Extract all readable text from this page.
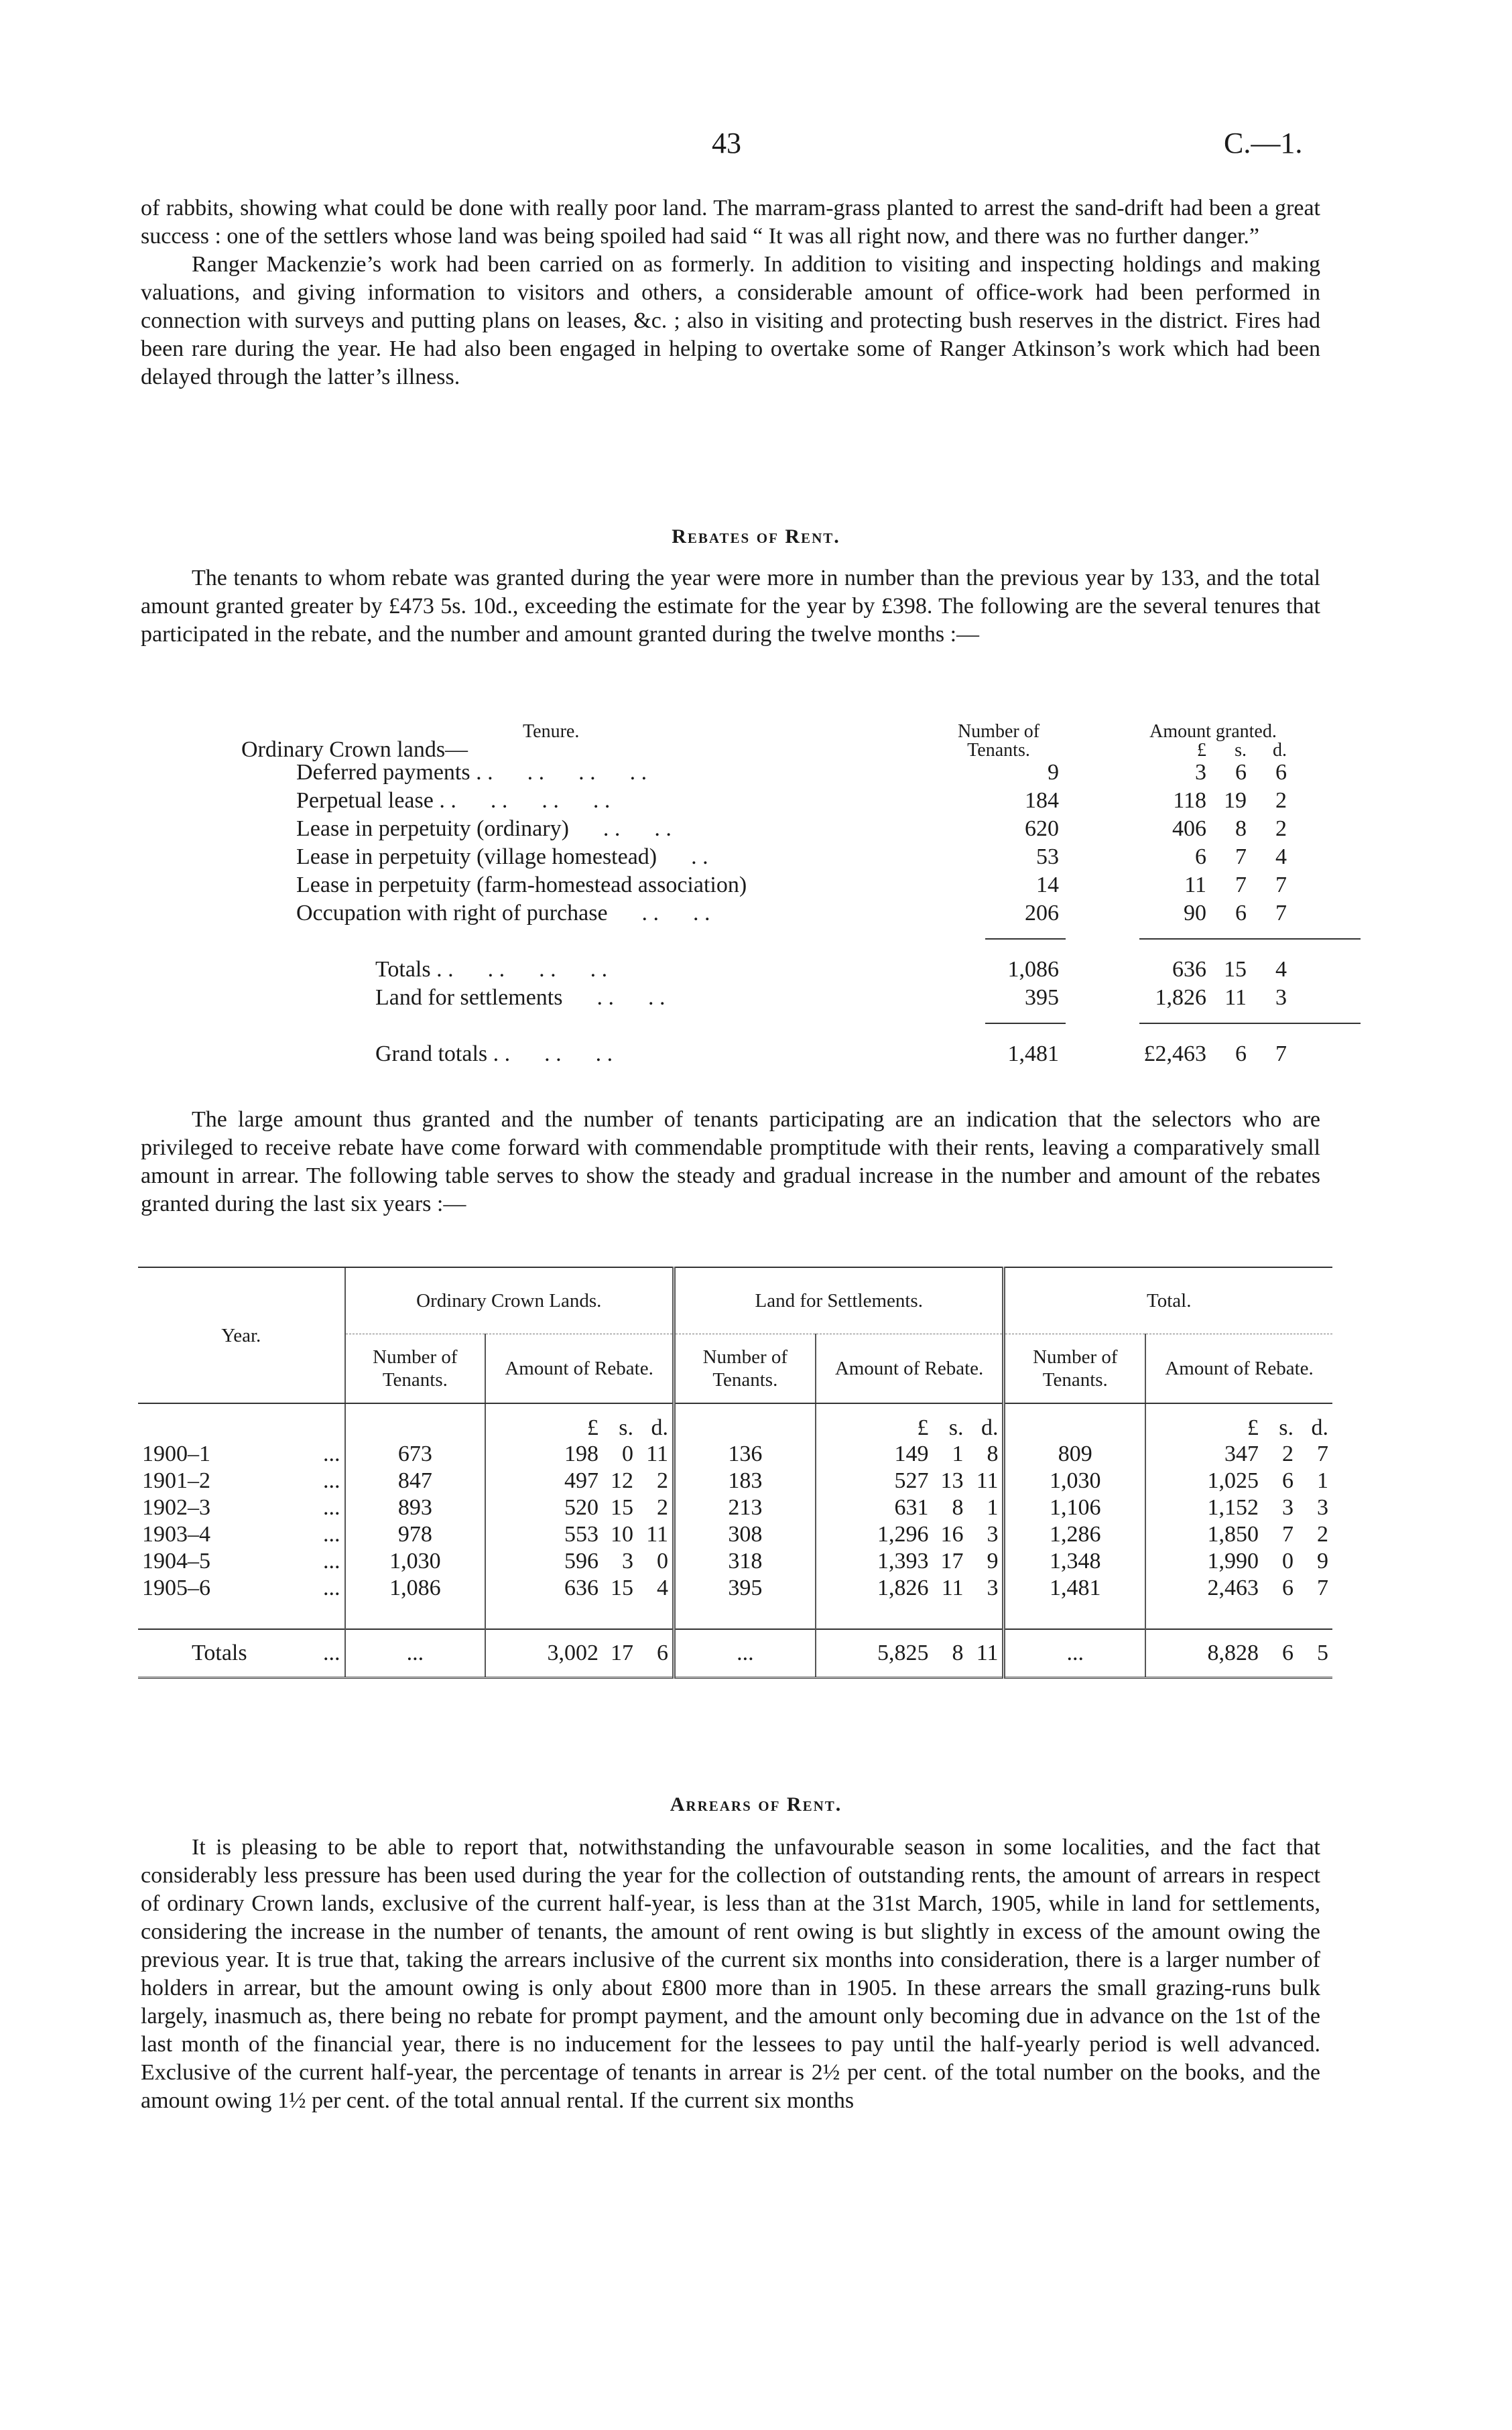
43	C.—1.

of rabbits, showing what could be done with really poor land. The marram-grass planted to arrest the sand-drift had been a great success : one of the settlers whose land was being spoiled had said “ It was all right now, and there was no further danger.”

Ranger Mackenzie’s work had been carried on as formerly. In addition to visiting and inspecting holdings and making valuations, and giving information to visitors and others, a considerable amount of office-work had been performed in connection with surveys and putting plans on leases, &c. ; also in visiting and protecting bush reserves in the district. Fires had been rare during the year. He had also been engaged in helping to overtake some of Ranger Atkinson’s work which had been delayed through the latter’s illness.

Rebates of Rent.

The tenants to whom rebate was granted during the year were more in number than the previous year by 133, and the total amount granted greater by £473 5s. 10d., exceeding the estimate for the year by £398. The following are the several tenures that participated in the rebate, and the number and amount granted during the twelve months :—

Tenure.	Number of	Amount granted.
Ordinary Crown lands—	Tenants.	£ s. d.
Deferred payments . .      . .      . .      . .	9	3 6 6
Perpetual lease . .      . .      . .      . .	184	118 19 2
Lease in perpetuity (ordinary)      . .      . .	620	406 8 2
Lease in perpetuity (village homestead)      . .	53	6 7 4
Lease in perpetuity (farm-homestead association)	14	11 7 7
Occupation with right of purchase      . .      . .	206	90 6 7
Totals . .      . .      . .      . .	1,086	636 15 4
Land for settlements      . .      . .	395	1,826 11 3
Grand totals . .      . .      . .	1,481	£2,463 6 7

The large amount thus granted and the number of tenants participating are an indication that the selectors who are privileged to receive rebate have come forward with commendable promptitude with their rents, leaving a comparatively small amount in arrear. The following table serves to show the steady and gradual increase in the number and amount of the rebates granted during the last six years :—

Year.	Ordinary Crown Lands.		Land for Settlements.		Total.	
	Number of Tenants.	Amount of Rebate.	Number of Tenants.	Amount of Rebate.	Number of Tenants.	Amount of Rebate.
		£ s. d.		£ s. d.		£ s. d.
1900–1 ...	673	198 0 11	136	149 1 8	809	347 2 7
1901–2 ...	847	497 12 2	183	527 13 11	1,030	1,025 6 1
1902–3 ...	893	520 15 2	213	631 8 1	1,106	1,152 3 3
1903–4 ...	978	553 10 11	308	1,296 16 3	1,286	1,850 7 2
1904–5 ...	1,030	596 3 0	318	1,393 17 9	1,348	1,990 0 9
1905–6 ...	1,086	636 15 4	395	1,826 11 3	1,481	2,463 6 7

Totals ...	...	3,002 17 6	...	5,825 8 11	...	8,828 6 5
Arrears of Rent.

It is pleasing to be able to report that, notwithstanding the unfavourable season in some localities, and the fact that considerably less pressure has been used during the year for the collection of outstanding rents, the amount of arrears in respect of ordinary Crown lands, exclusive of the current half-year, is less than at the 31st March, 1905, while in land for settlements, considering the increase in the number of tenants, the amount of rent owing is but slightly in excess of the amount owing the previous year. It is true that, taking the arrears inclusive of the current six months into consideration, there is a larger number of holders in arrear, but the amount owing is only about £800 more than in 1905. In these arrears the small grazing-runs bulk largely, inasmuch as, there being no rebate for prompt payment, and the amount only becoming due in advance on the 1st of the last month of the financial year, there is no inducement for the lessees to pay until the half-yearly period is well advanced. Exclusive of the current half-year, the percentage of tenants in arrear is 2½ per cent. of the total number on the books, and the amount owing 1½ per cent. of the total annual rental. If the current six months
